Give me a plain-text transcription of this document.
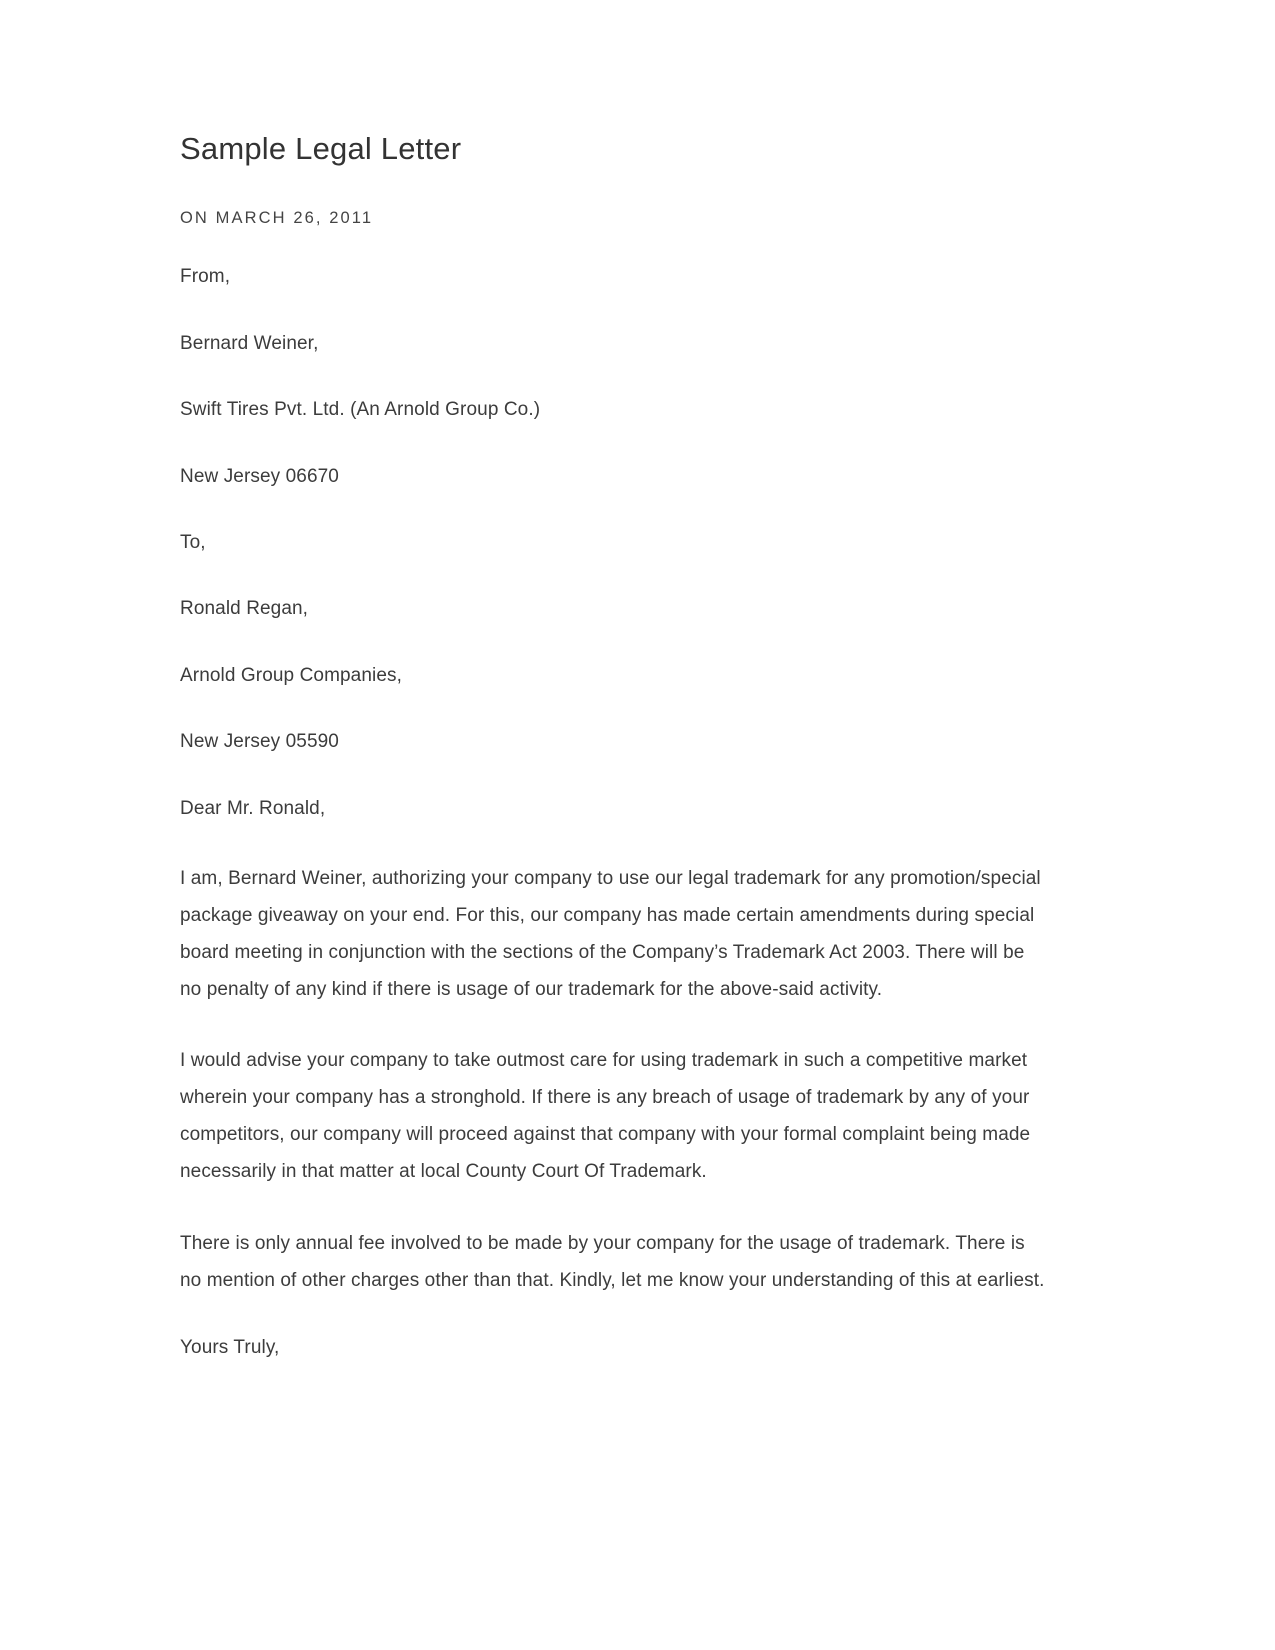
Sample Legal Letter
ON MARCH 26, 2011

From,

Bernard Weiner,

Swift Tires Pvt. Ltd. (An Arnold Group Co.)

New Jersey 06670

To,

Ronald Regan,

Arnold Group Companies,

New Jersey 05590

Dear Mr. Ronald,

I am, Bernard Weiner, authorizing your company to use our legal trademark for any promotion/special package giveaway on your end. For this, our company has made certain amendments during special board meeting in conjunction with the sections of the Company’s Trademark Act 2003. There will be no penalty of any kind if there is usage of our trademark for the above-said activity.

I would advise your company to take outmost care for using trademark in such a competitive market wherein your company has a stronghold. If there is any breach of usage of trademark by any of your competitors, our company will proceed against that company with your formal complaint being made necessarily in that matter at local County Court Of Trademark.

There is only annual fee involved to be made by your company for the usage of trademark. There is no mention of other charges other than that. Kindly, let me know your understanding of this at earliest.

Yours Truly,
